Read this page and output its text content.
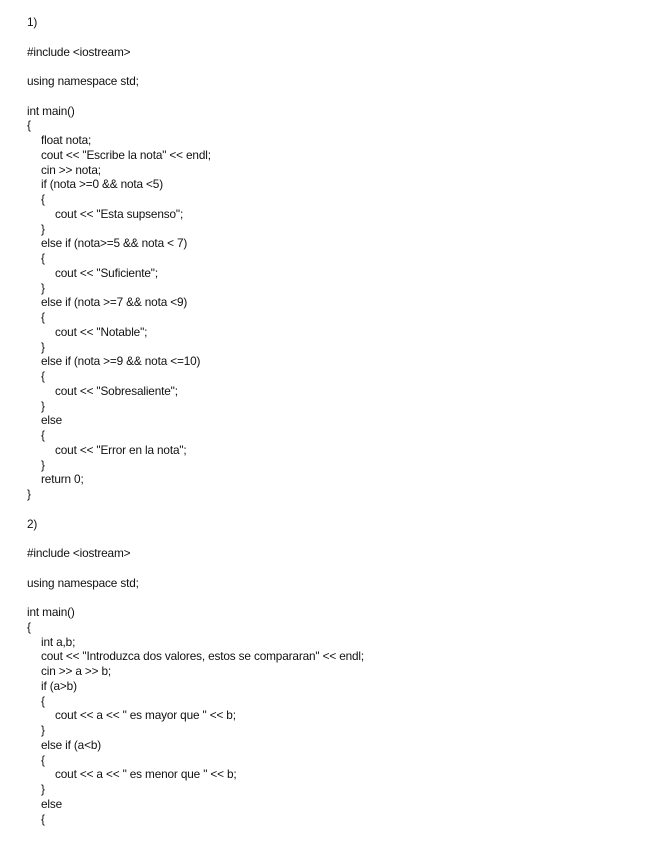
1)
#include <iostream>
using namespace std;
int main()
{
float nota;
cout << "Escribe la nota" << endl;
cin >> nota;
if (nota >=0 && nota <5)
{
cout << "Esta supsenso";
}
else if (nota>=5 && nota < 7)
{
cout << "Suficiente";
}
else if (nota >=7 && nota <9)
{
cout << "Notable";
}
else if (nota >=9 && nota <=10)
{
cout << "Sobresaliente";
}
else
{
cout << "Error en la nota";
}
return 0;
}
2)
#include <iostream>
using namespace std;
int main()
{
int a,b;
cout << "Introduzca dos valores, estos se compararan" << endl;
cin >> a >> b;
if (a>b)
{
cout << a << " es mayor que " << b;
}
else if (a<b)
{
cout << a << " es menor que " << b;
}
else
{
